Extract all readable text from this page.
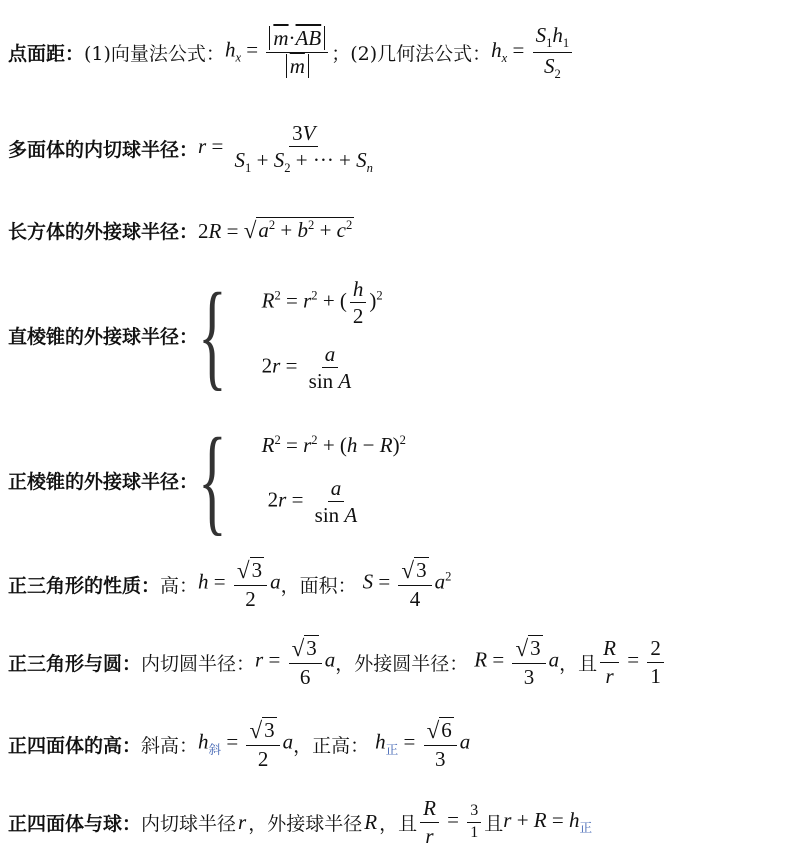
点面距： (1)向量法公式： $h_x = \frac{\overline{m}\cdot\overline{AB}}{m}$ ；(2)几何法公式： $h_x = \frac{S_1h_1}{S_2}$
多面体的内切球半径： $r = \frac{3V}{S_1 + S_2 + \cdot\cdot\cdot + S_n}$
长方体的外接球半径： 2R = √ $a^2 + b^2 + c^2$
直棱锥的外接球半径： { $R^2 = r^2$ + ( $\frac{h}{2} )^2$
$2r = \frac{a}{\text{sin A}}$
正棱锥的外接球半径： { $R^2 = r^2 + (h - R)^2$
$2r = \frac{a}{\text{sin A}}$
正三角形的性质： 高： $h = \frac{√ 3}{2}$ a ，面积： $S = \frac{√ 3}{4} a^2$
正三角形与圆： 内切圆半径： $r = \frac{√ 3}{6}$ a ，外接圆半径： $R = \frac{√ 3}{3}$ a ，且 $\frac{R}{r} = \frac{2}{1}$
正四面体的高： 斜高： $h_斜 = \frac{√ 3}{2}$ a ，正高： $h_正 = \frac{√ 6}{3}$ a
正四面体与球： 内切球半径 r ，外接球半径 R ，且 $\frac{R}{r} = \frac{3}{1}$ 且 $r + R = h_正$
